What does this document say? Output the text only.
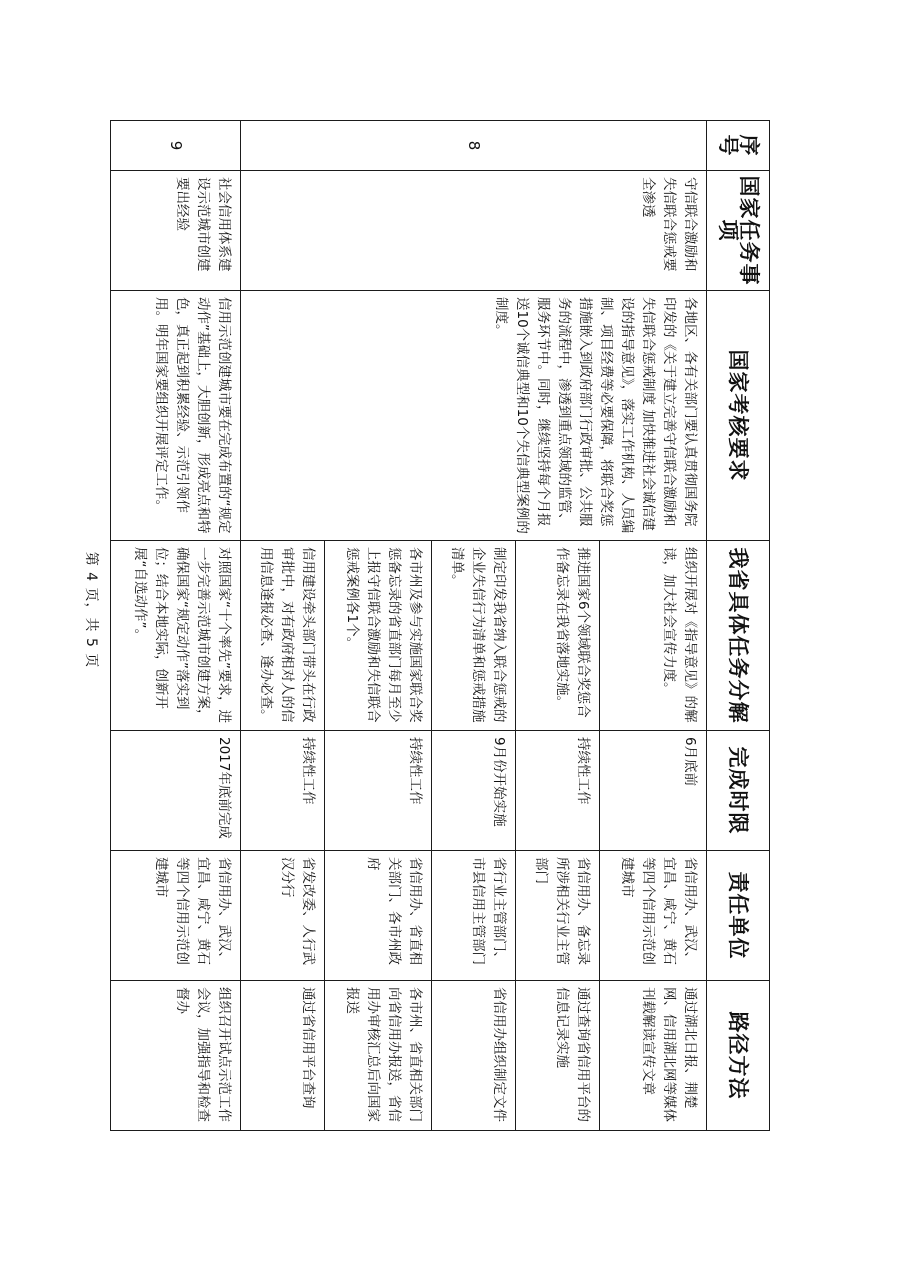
序号	国家任务事项	国家考核要求	我省具体任务分解	完成时限	责任单位	路径方法
8	守信联合激励和失信联合惩戒要全渗透	各地区、各有关部门要认真贯彻国务院印发的《关于建立完善守信联合激励和失信联合惩戒制度 加快推进社会诚信建设的指导意见》，落实工作机构、人员编制、项目经费等必要保障，将联合奖惩措施嵌入到政府部门行政审批、公共服务的流程中，渗透到重点领域的监管、服务环节中。同时，继续坚持每个月报送10个诚信典型和10个失信典型案例的制度。	组织开展对《指导意见》的解读，加大社会宣传力度。	6月底前	省信用办、武汉、宜昌、咸宁、黄石等四个信用示范创建城市	通过湖北日报、荆楚网、信用湖北网等媒体刊载解读宣传文章
			推进国家6个领域联合奖惩合作备忘录在我省落地实施。	持续性工作	省信用办、备忘录所涉相关行业主管部门	通过查询省信用平台的信息记录实施
			制定印发我省纳入联合惩戒的企业失信行为清单和惩戒措施清单。	9月份开始实施	省行业主管部门、市县信用主管部门	省信用办组织制定文件
			各市州及参与实施国家联合奖惩备忘录的省直部门每月至少上报守信联合激励和失信联合惩戒案例各1个。	持续性工作	省信用办、省直相关部门、各市州政府	各市州、省直相关部门向省信用办报送，省信用办审核汇总后向国家报送
			信用建设牵头部门带头在行政审批中，对有政府相对人的信用信息逢报必查、逢办必查。	持续性工作	省发改委、人行武汉分行	通过省信用平台查询
9	社会信用体系建设示范城市创建要出经验	信用示范创建城市要在完成布置的“规定动作”基础上，大胆创新，形成亮点和特色，真正起到积累经验、示范引领作用。明年国家要组织开展评定工作。	对照国家“十个率先”要求，进一步完善示范城市创建方案，确保国家“规定动作”落实到位；结合本地实际，创新开展“自选动作”。	2017年底前完成	省信用办、武汉、宜昌、咸宁、黄石等四个信用示范创建城市	组织召开试点示范工作会议，加强指导和检查督办
第 4 页，共 5 页
